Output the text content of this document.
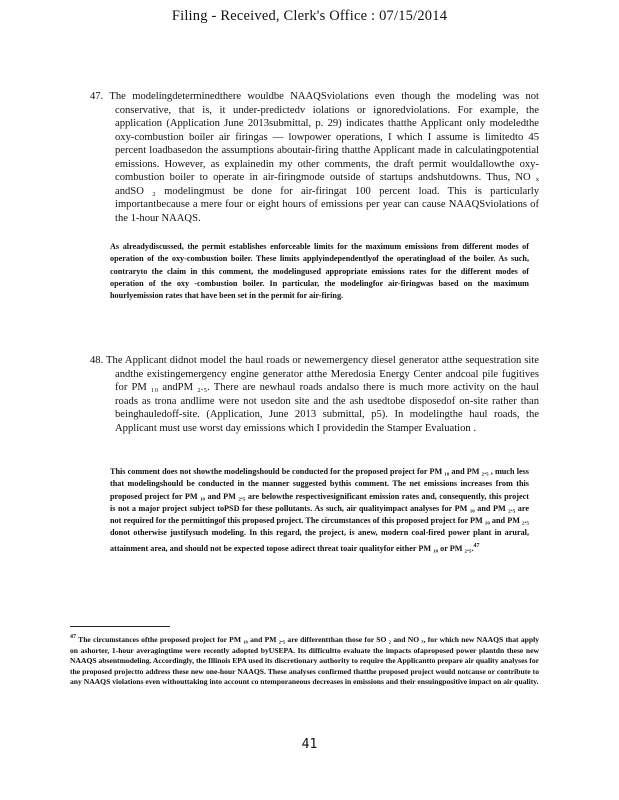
Filing - Received, Clerk's Office : 07/15/2014

47. The modelingdeterminedthere wouldbe NAAQSviolations even though the modeling was not conservative, that is, it under-predictedv iolations or ignoredviolations. For example, the application (Application June 2013submittal, p. 29) indicates thatthe Applicant only modeledthe oxy-combustion boiler air firingas — lowpower operations, I which I assume is limitedto 45 percent loadbasedon the assumptions aboutair-firing thatthe Applicant made in calculatingpotential emissions. However, as explainedin my other comments, the draft permit wouldallowthe oxy-combustion boiler to operate in air-firingmode outside of startups andshutdowns. Thus, NO ₓ andSO ₂ modelingmust be done for air-firingat 100 percent load. This is particularly importantbecause a mere four or eight hours of emissions per year can cause NAAQSviolations of the 1-hour NAAQS.

As alreadydiscussed, the permit establishes enforceable limits for the maximum emissions from different modes of operation of the oxy-combustion boiler. These limits applyindependentlyof the operatingload of the boiler. As such, contraryto the claim in this comment, the modelingused appropriate emissions rates for the different modes of operation of the oxy -combustion boiler. In particular, the modelingfor air-firingwas based on the maximum hourlyemission rates that have been set in the permit for air-firing.

48. The Applicant didnot model the haul roads or newemergency diesel generator atthe sequestration site andthe existingemergency engine generator atthe Meredosia Energy Center andcoal pile fugitives for PM ₁₀ andPM ₂.₅. There are newhaul roads andalso there is much more activity on the haul roads as trona andlime were not usedon site and the ash usedtobe disposedof on-site rather than beinghauledoff-site. (Application, June 2013 submittal, p5). In modelingthe haul roads, the Applicant must use worst day emissions which I providedin the Stamper Evaluation .

This comment does not showthe modelingshould be conducted for the proposed project for PM ₁₀ and PM ₂.₅ , much less that modelingshould be conducted in the manner suggested bythis comment. The net emissions increases from this proposed project for PM ₁₀ and PM ₂.₅ are belowthe respectivesignificant emission rates and, consequently, this project is not a major project subject toPSD for these pollutants. As such, air qualityimpact analyses for PM ₁₀ and PM ₂.₅ are not required for the permittingof this proposed project. The circumstances of this proposed project for PM ₁₀ and PM ₂.₅ donot otherwise justifysuch modeling. In this regard, the project, is anew, modern coal-fired power plant in arural, attainment area, and should not be expected topose adirect threat toair qualityfor either PM ₁₀ or PM ₂.₅.$^{47}$

$^{47}$ The circumstances ofthe proposed project for PM ₁₀ and PM ₂.₅ are differentthan those for SO ₂ and NO ₓ, for which new NAAQS that apply on ashorter, 1-hour averagingtime were recently adopted byUSEPA. Its difficultto evaluate the impacts ofaproposed power plantdn these new NAAQS absentmodeling. Accordingly, the Illinois EPA used its discretionary authority to require the Applicantto prepare air quality analyses for the proposed projectto address these new one-hour NAAQS. These analyses confirmed thatthe proposed project would notcause or contribute to any NAAQS violations even withouttaking into account co ntemporaneous decreases in emissions and their ensuingpositive impact on air quality.

41
